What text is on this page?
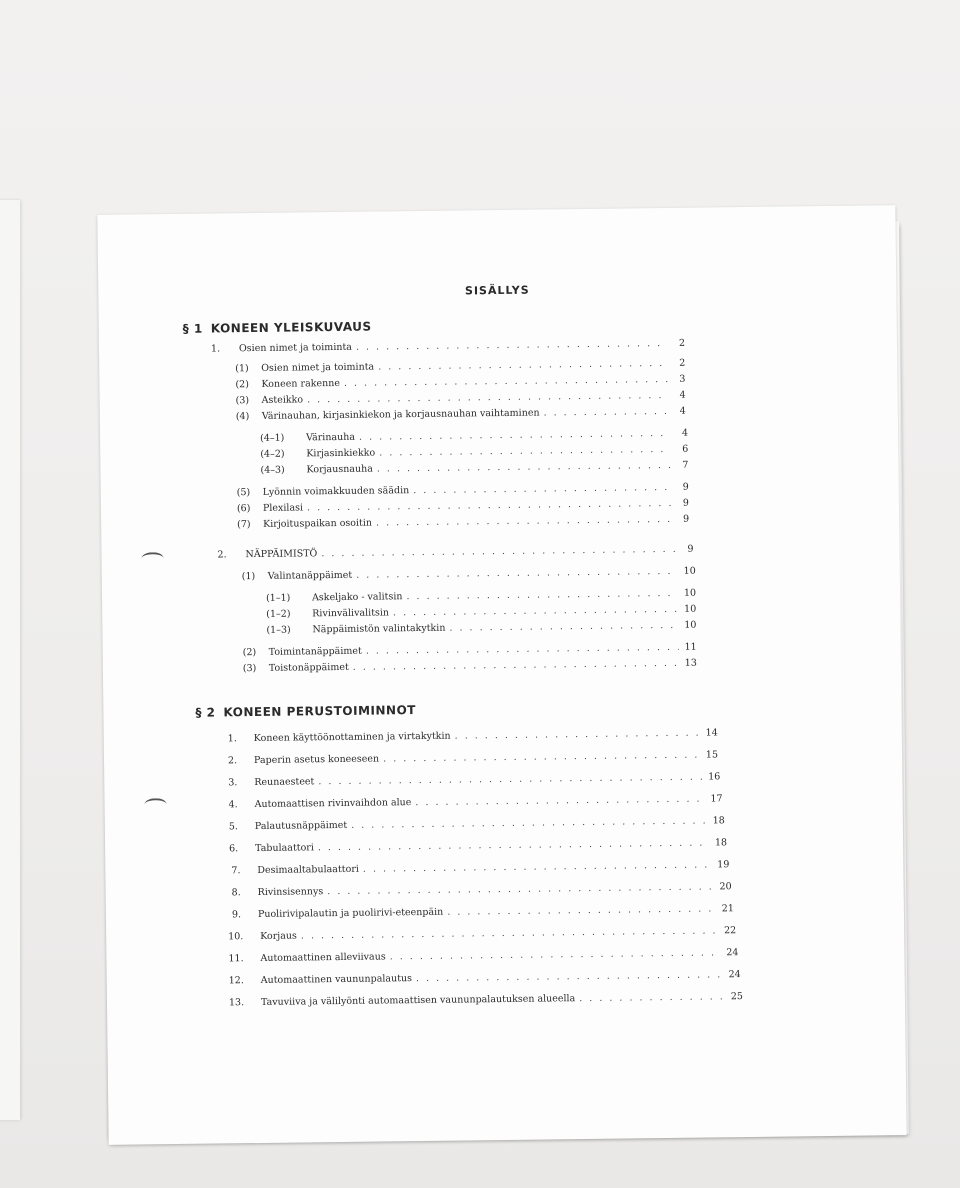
SISÄLLYS
§ 1 KONEEN YLEISKUVAUS
1.	Osien nimet ja toiminta . . .	2
(1)	Osien nimet ja toiminta . . .	2
(2)	Koneen rakenne . . .	3
(3)	Asteikko . . .	4
(4)	Värinauhan, kirjasinkiekon ja korjausnauhan vaihtaminen . . .	4
(4–1)	Värinauha . . .	4
(4–2)	Kirjasinkiekko . . .	6
(4–3)	Korjausnauha . . .	7
(5)	Lyönnin voimakkuuden säädin . . .	9
(6)	Plexilasi . . .	9
(7)	Kirjoituspaikan osoitin . . .	9
2.	NÄPPÄIMISTÖ . . .	9
(1)	Valintanäppäimet . . .	10
(1–1)	Askeljako - valitsin . . .	10
(1–2)	Rivinvälivalitsin . . .	10
(1–3)	Näppäimistön valintakytkin . . .	10
(2)	Toimintanäppäimet . . .	11
(3)	Toistonäppäimet . . .	13
§ 2 KONEEN PERUSTOIMINNOT
1.	Koneen käyttöönottaminen ja virtakytkin . . .	14
2.	Paperin asetus koneeseen . . .	15
3.	Reunaesteet . . .	16
4.	Automaattisen rivinvaihdon alue . . .	17
5.	Palautusnäppäimet . . .	18
6.	Tabulaattori . . .	18
7.	Desimaaltabulaattori . . .	19
8.	Rivinsisennys . . .	20
9.	Puolirivipalautin ja puolirivi-eteenpäin . . .	21
10.	Korjaus . . .	22
11.	Automaattinen alleviivaus . . .	24
12.	Automaattinen vaununpalautus . . .	24
13.	Tavuviiva ja välilyönti automaattisen vaununpalautuksen alueella . . .	25
